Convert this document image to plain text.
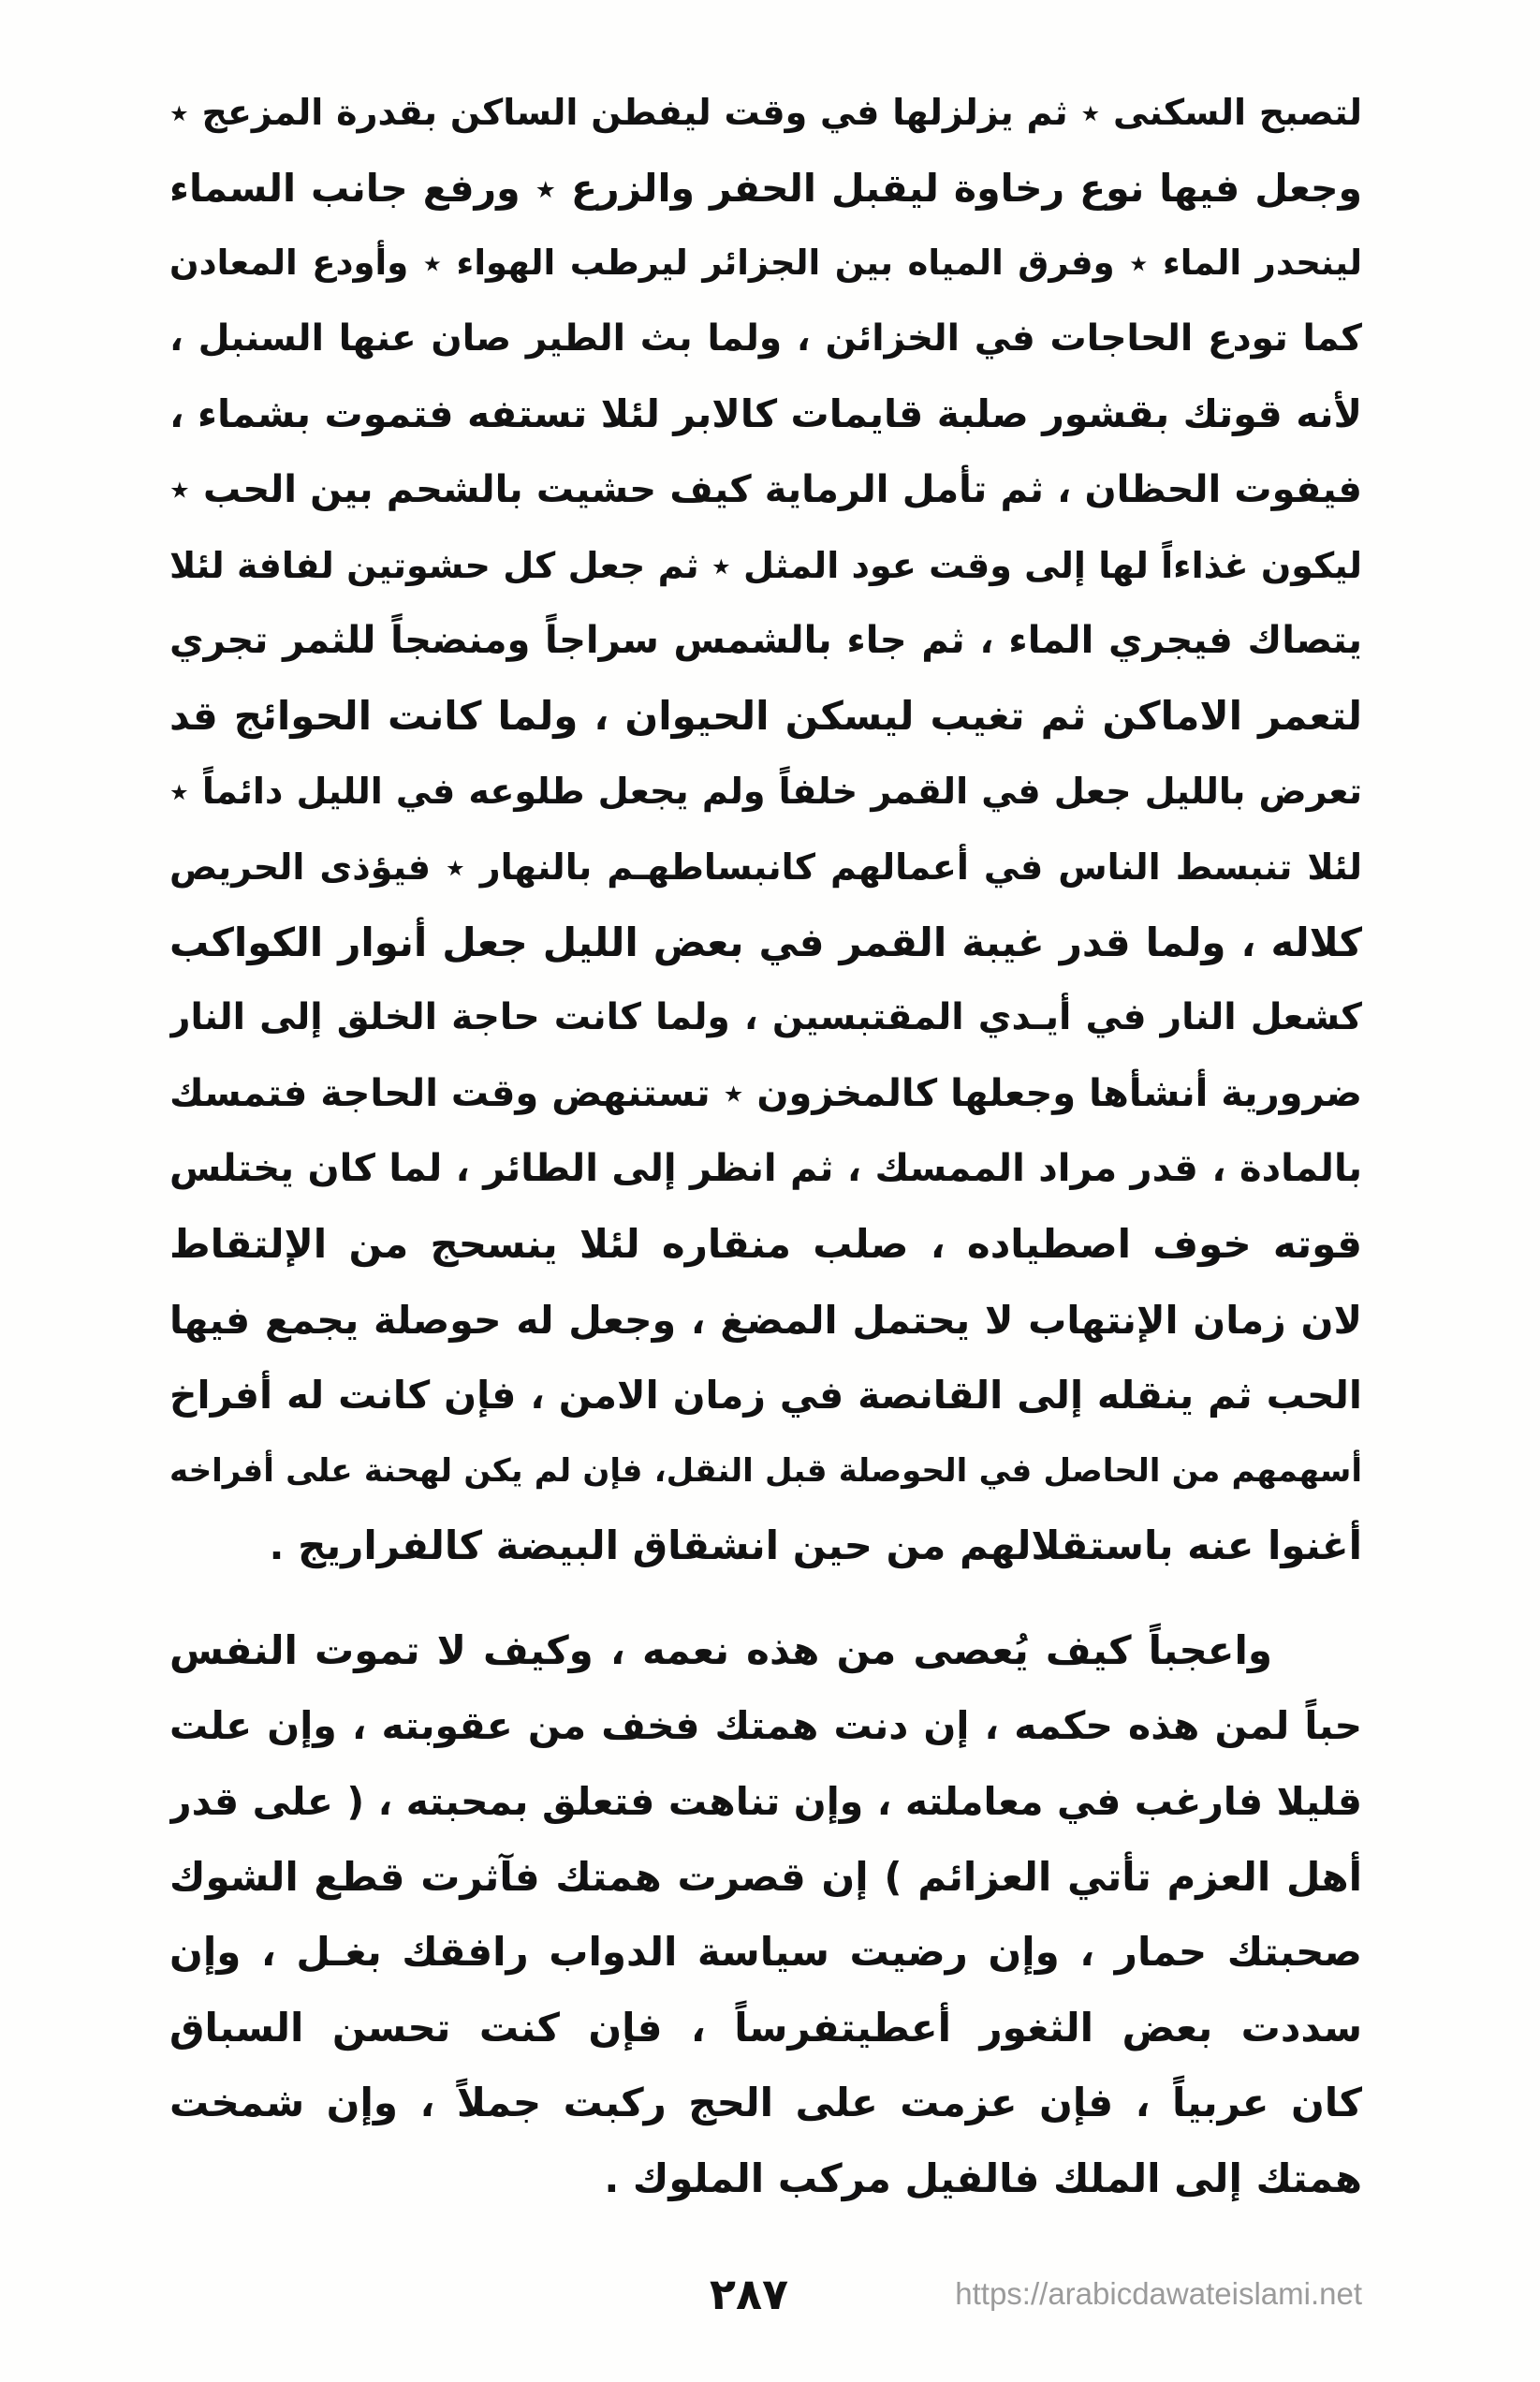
لتصبح السكنى ٭ ثم يزلزلها في وقت ليفطن الساكن بقدرة المزعج ٭
وجعل فيها نوع رخاوة ليقبل الحفر والزرع ٭ ورفع جانب السماء
لينحدر الماء ٭ وفرق المياه بين الجزائر ليرطب الهواء ٭ وأودع المعادن
كما تودع الحاجات في الخزائن ، ولما بث الطير صان عنها السنبل ،
لأنه قوتك بقشور صلبة قايمات كالابر لئلا تستفه فتموت بشماء ،
فيفوت الحظان ، ثم تأمل الرماية كيف حشيت بالشحم بين الحب ٭
ليكون غذاءاً لها إلى وقت عود المثل ٭ ثم جعل كل حشوتين لفافة لئلا
يتصاك فيجري الماء ، ثم جاء بالشمس سراجاً ومنضجاً للثمر تجري
لتعمر الاماكن ثم تغيب ليسكن الحيوان ، ولما كانت الحوائج قد
تعرض بالليل جعل في القمر خلفاً ولم يجعل طلوعه في الليل دائماً ٭
لئلا تنبسط الناس في أعمالهم كانبساطهـم بالنهار ٭ فيؤذى الحريص
كلاله ، ولما قدر غيبة القمر في بعض الليل جعل أنوار الكواكب
كشعل النار في أيـدي المقتبسين ، ولما كانت حاجة الخلق إلى النار
ضرورية أنشأها وجعلها كالمخزون ٭ تستنهض وقت الحاجة فتمسك
بالمادة ، قدر مراد الممسك ، ثم انظر إلى الطائر ، لما كان يختلس
قوته خوف اصطياده ، صلب منقاره لئلا ينسحج من الإلتقاط
لان زمان الإنتهاب لا يحتمل المضغ ، وجعل له حوصلة يجمع فيها
الحب ثم ينقله إلى القانصة في زمان الامن ، فإن كانت له أفراخ
أسهمهم من الحاصل في الحوصلة قبل النقل، فإن لم يكن لهحنة على أفراخه
أغنوا عنه باستقلالهم من حين انشقاق البيضة كالفراريج .
واعجباً كيف يُعصى من هذه نعمه ، وكيف لا تموت النفس
حباً لمن هذه حكمه ، إن دنت همتك فخف من عقوبته ، وإن علت
قليلا فارغب في معاملته ، وإن تناهت فتعلق بمحبته ، ( على قدر
أهل العزم تأتي العزائم ) إن قصرت همتك فآثرت قطع الشوك
صحبتك حمار ، وإن رضيت سياسة الدواب رافقك بغـل ، وإن
سددت بعض الثغور أعطيتفرساً ، فإن كنت تحسن السباق
كان عربياً ، فإن عزمت على الحج ركبت جملاً ، وإن شمخت
همتك إلى الملك فالفيل مركب الملوك .
٢٨٧	https://arabicdawateislami.net
